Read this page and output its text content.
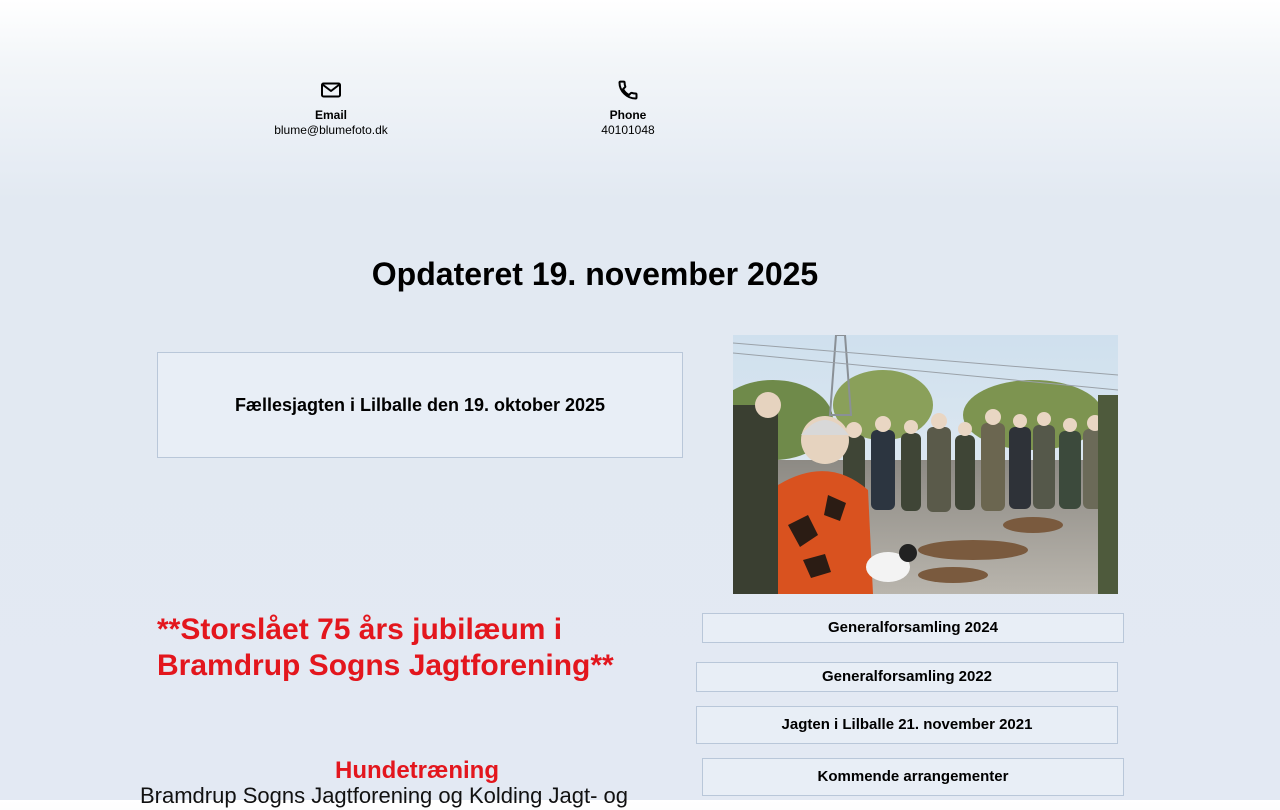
Email
blume@blumefoto.dk
Phone
40101048
Opdateret 19. november 2025
Fællesjagten i Lilballe den 19. oktober 2025
**Storslået 75 års jubilæum i Bramdrup Sogns Jagtforening**
Hundetræning
Bramdrup Sogns Jagtforening og Kolding Jagt- og
Generalforsamling 2024
Generalforsamling 2022
Jagten i Lilballe 21. november 2021
Kommende arrangementer
